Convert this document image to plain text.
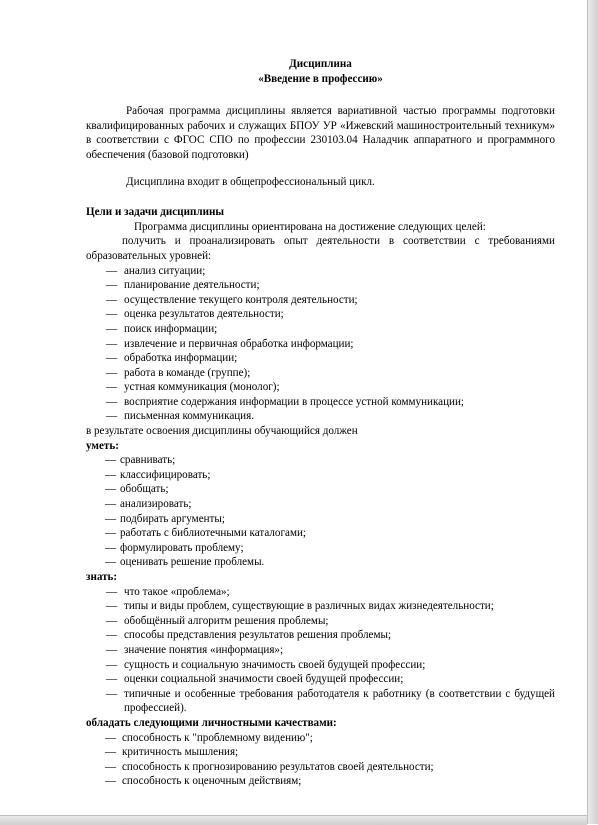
Дисциплина
«Введение в профессию»

Рабочая программа дисциплины является вариативной частью программы подготовки квалифицированных рабочих и служащих БПОУ УР «Ижевский машиностроительный техникум» в соответствии с ФГОС СПО по профессии 230103.04 Наладчик аппаратного и программного обеспечения (базовой подготовки)

Дисциплина входит в общепрофессиональный цикл.

Цели и задачи дисциплины
Программа дисциплины ориентирована на достижение следующих целей:

получить и проанализировать опыт деятельности в соответствии с требованиями образовательных уровней:

— анализ ситуации;
— планирование деятельности;
— осуществление текущего контроля деятельности;
— оценка результатов деятельности;
— поиск информации;
— извлечение и первичная обработка информации;
— обработка информации;
— работа в команде (группе);
— устная коммуникация (монолог);
— восприятие содержания информации в процессе устной коммуникации;
— письменная коммуникация.
в результате освоения дисциплины обучающийся должен
уметь:
— сравнивать;
— классифицировать;
— обобщать;
— анализировать;
— подбирать аргументы;
— работать с библиотечными каталогами;
— формулировать проблему;
— оценивать решение проблемы.
знать:
— что такое «проблема»;
— типы и виды проблем, существующие в различных видах жизнедеятельности;
— обобщённый алгоритм решения проблемы;
— способы представления результатов решения проблемы;
— значение понятия «информация»;
— сущность и социальную значимость своей будущей профессии;
— оценки социальной значимости своей будущей профессии;
— типичные и особенные требования работодателя к работнику (в соответствии с будущей профессией).
обладать следующими личностными качествами:
— способность к "проблемному видению";
— критичность мышления;
— способность к прогнозированию результатов своей деятельности;
— способность к оценочным действиям;
